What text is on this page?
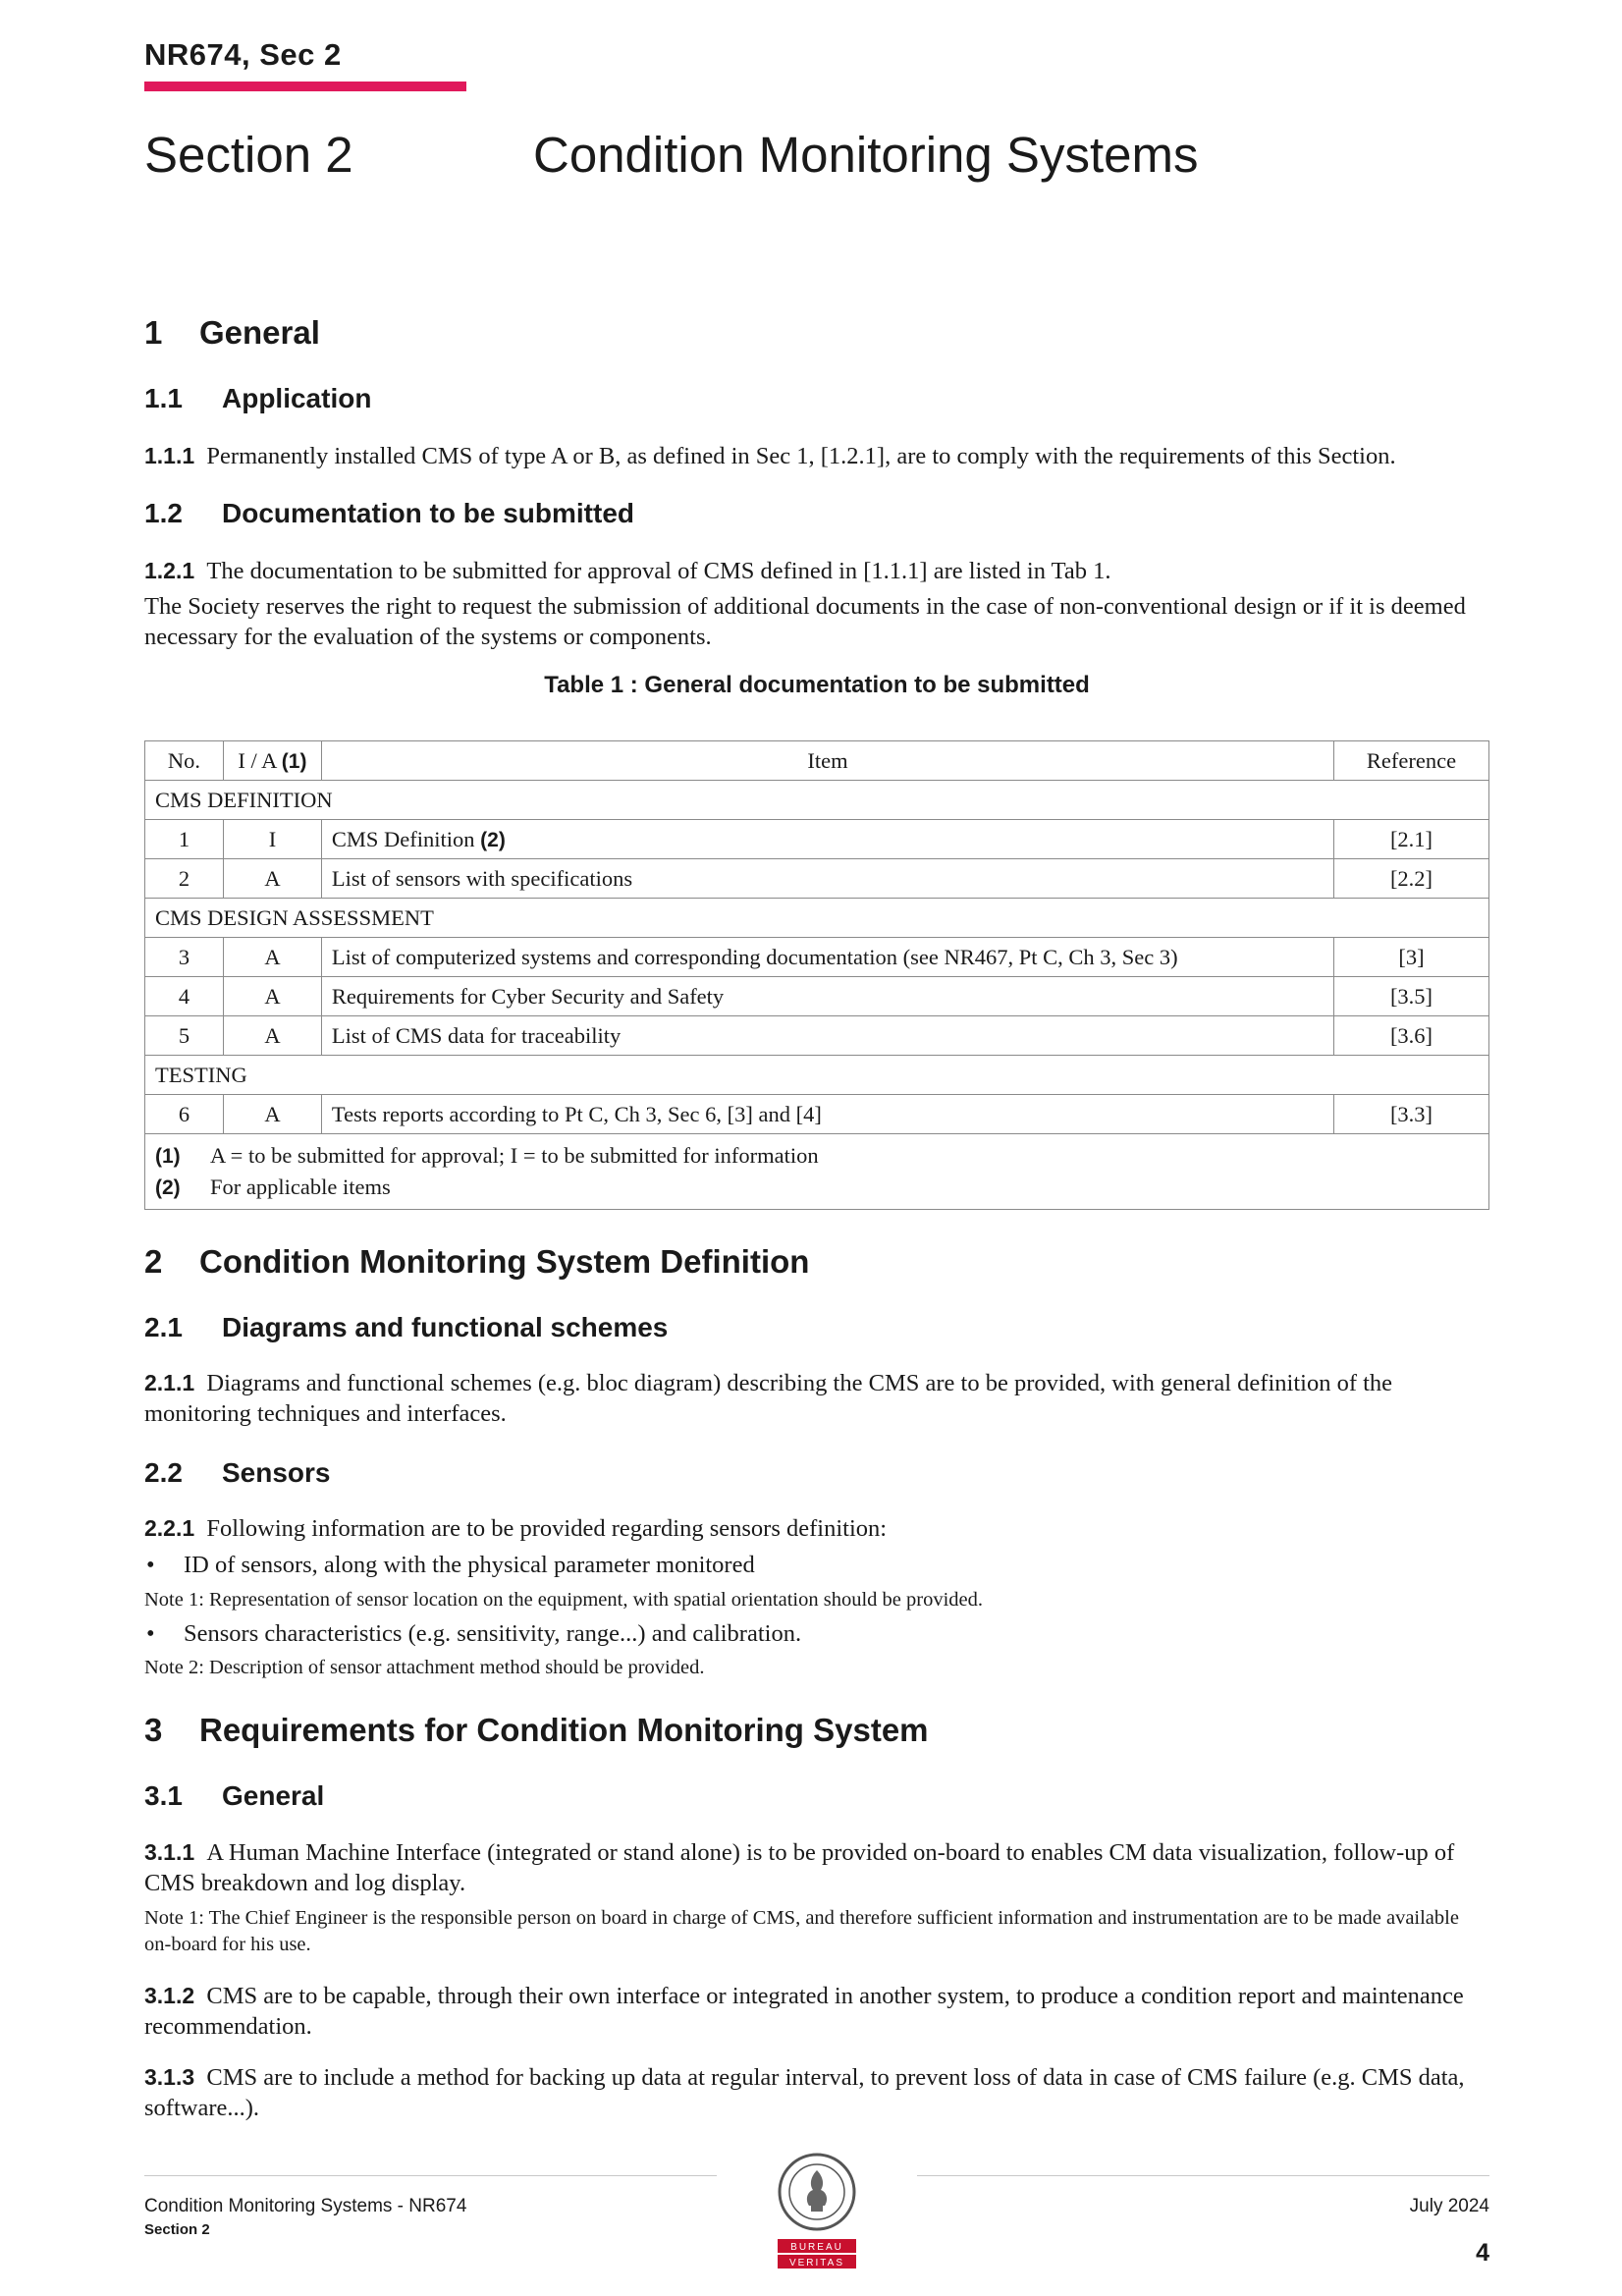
NR674, Sec 2
Section 2	Condition Monitoring Systems
1 General
1.1 Application
1.1.1 Permanently installed CMS of type A or B, as defined in Sec 1, [1.2.1], are to comply with the requirements of this Section.
1.2 Documentation to be submitted
1.2.1 The documentation to be submitted for approval of CMS defined in [1.1.1] are listed in Tab 1.
The Society reserves the right to request the submission of additional documents in the case of non-conventional design or if it is deemed necessary for the evaluation of the systems or components.
Table 1 : General documentation to be submitted
No.	I / A (1)	Item	Reference
CMS DEFINITION			
1	I	CMS Definition (2)	[2.1]
2	A	List of sensors with specifications	[2.2]
CMS DESIGN ASSESSMENT			
3	A	List of computerized systems and corresponding documentation (see NR467, Pt C, Ch 3, Sec 3)	[3]
4	A	Requirements for Cyber Security and Safety	[3.5]
5	A	List of CMS data for traceability	[3.6]
TESTING			
6	A	Tests reports according to Pt C, Ch 3, Sec 6, [3] and [4]	[3.3]

(1) A = to be submitted for approval; I = to be submitted for information
(2) For applicable items			
2 Condition Monitoring System Definition
2.1 Diagrams and functional schemes
2.1.1 Diagrams and functional schemes (e.g. bloc diagram) describing the CMS are to be provided, with general definition of the monitoring techniques and interfaces.
2.2 Sensors
2.2.1 Following information are to be provided regarding sensors definition:
• ID of sensors, along with the physical parameter monitored
Note 1: Representation of sensor location on the equipment, with spatial orientation should be provided.
• Sensors characteristics (e.g. sensitivity, range...) and calibration.
Note 2: Description of sensor attachment method should be provided.
3 Requirements for Condition Monitoring System
3.1 General
3.1.1 A Human Machine Interface (integrated or stand alone) is to be provided on-board to enables CM data visualization, follow-up of CMS breakdown and log display.
Note 1: The Chief Engineer is the responsible person on board in charge of CMS, and therefore sufficient information and instrumentation are to be made available on-board for his use.
3.1.2 CMS are to be capable, through their own interface or integrated in another system, to produce a condition report and maintenance recommendation.
3.1.3 CMS are to include a method for backing up data at regular interval, to prevent loss of data in case of CMS failure (e.g. CMS data, software...).
Condition Monitoring Systems - NR674
Section 2
July 2024
4
BUREAU
VERITAS
